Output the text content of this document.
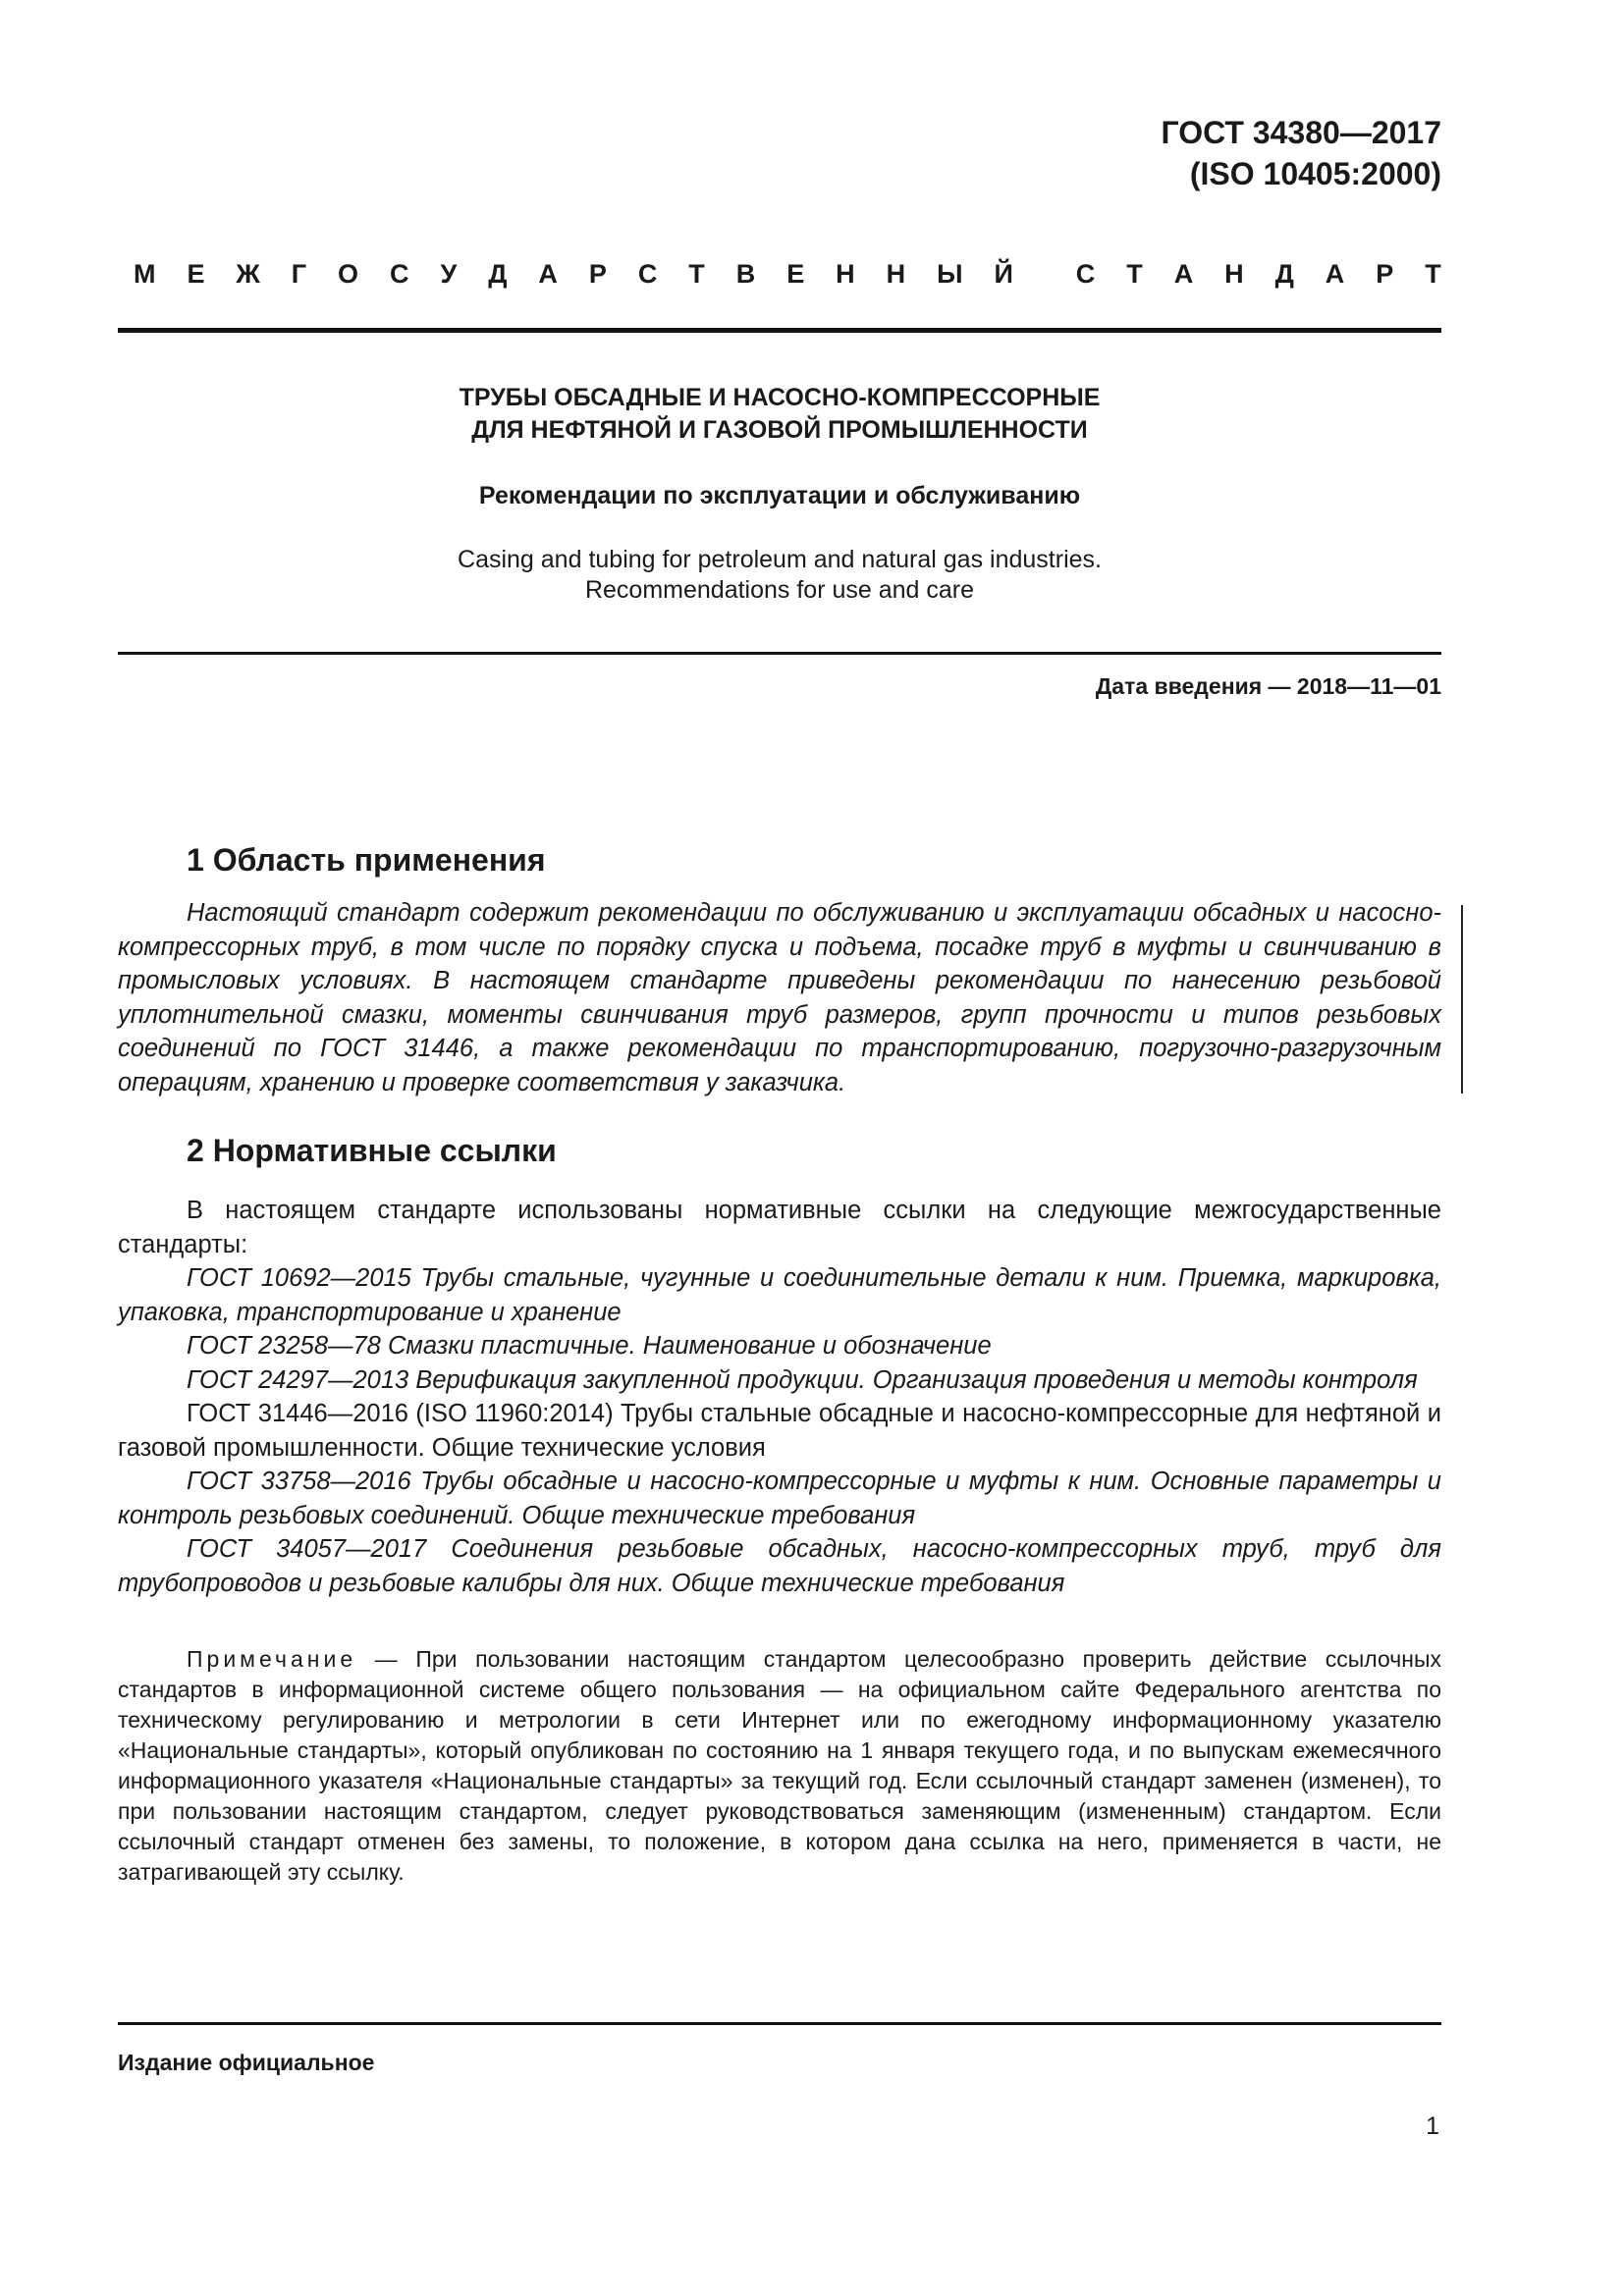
ГОСТ 34380—2017
(ISO 10405:2000)
М Е Ж Г О С У Д А Р С Т В Е Н Н Ы Й С Т А Н Д А Р Т
ТРУБЫ ОБСАДНЫЕ И НАСОСНО-КОМПРЕССОРНЫЕ
ДЛЯ НЕФТЯНОЙ И ГАЗОВОЙ ПРОМЫШЛЕННОСТИ
Рекомендации по эксплуатации и обслуживанию
Casing and tubing for petroleum and natural gas industries.
Recommendations for use and care
Дата введения — 2018—11—01
1 Область применения

Настоящий стандарт содержит рекомендации по обслуживанию и эксплуатации обсадных и насосно-компрессорных труб, в том числе по порядку спуска и подъема, посадке труб в муфты и свинчиванию в промысловых условиях. В настоящем стандарте приведены рекомендации по нанесению резьбовой уплотнительной смазки, моменты свинчивания труб размеров, групп прочности и типов резьбовых соединений по ГОСТ 31446, а также рекомендации по транспортированию, погрузочно-разгрузочным операциям, хранению и проверке соответствия у заказчика.

2 Нормативные ссылки

В настоящем стандарте использованы нормативные ссылки на следующие межгосударственные стандарты:

ГОСТ 10692—2015 Трубы стальные, чугунные и соединительные детали к ним. Приемка, маркировка, упаковка, транспортирование и хранение

ГОСТ 23258—78 Смазки пластичные. Наименование и обозначение

ГОСТ 24297—2013 Верификация закупленной продукции. Организация проведения и методы контроля

ГОСТ 31446—2016 (ISO 11960:2014) Трубы стальные обсадные и насосно-компрессорные для нефтяной и газовой промышленности. Общие технические условия

ГОСТ 33758—2016 Трубы обсадные и насосно-компрессорные и муфты к ним. Основные параметры и контроль резьбовых соединений. Общие технические требования

ГОСТ 34057—2017 Соединения резьбовые обсадных, насосно-компрессорных труб, труб для трубопроводов и резьбовые калибры для них. Общие технические требования

Примечание — При пользовании настоящим стандартом целесообразно проверить действие ссылочных стандартов в информационной системе общего пользования — на официальном сайте Федерального агентства по техническому регулированию и метрологии в сети Интернет или по ежегодному информационному указателю «Национальные стандарты», который опубликован по состоянию на 1 января текущего года, и по выпускам ежемесячного информационного указателя «Национальные стандарты» за текущий год. Если ссылочный стандарт заменен (изменен), то при пользовании настоящим стандартом, следует руководствоваться заменяющим (измененным) стандартом. Если ссылочный стандарт отменен без замены, то положение, в котором дана ссылка на него, применяется в части, не затрагивающей эту ссылку.

Издание официальное
1
